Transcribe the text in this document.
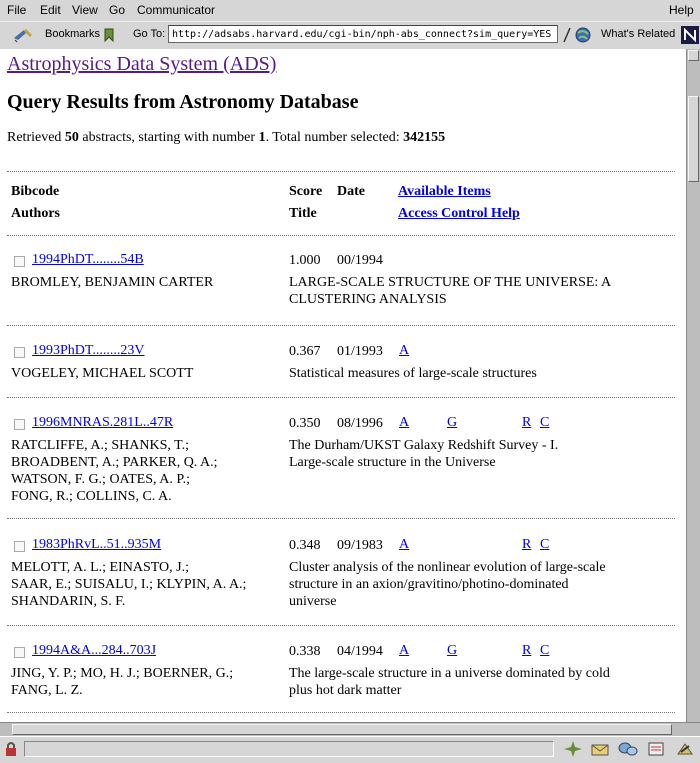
File Edit View Go Communicator	Help
Bookmarks	Go To: http://adsabs.harvard.edu/cgi-bin/nph-abs_connect?sim_query=YES	What's Related
Astrophysics Data System (ADS)
Query Results from Astronomy Database
Retrieved 50 abstracts, starting with number 1. Total number selected: 342155
Bibcode	Score Date Available Items
Authors	Title	Access Control Help
1994PhDT........54B	1.000 00/1994
BROMLEY, BENJAMIN CARTER	LARGE-SCALE STRUCTURE OF THE UNIVERSE: A
CLUSTERING ANALYSIS
1993PhDT........23V	0.367 01/1993 A
VOGELEY, MICHAEL SCOTT	Statistical measures of large-scale structures
1996MNRAS.281L..47R	0.350 08/1996 A	G	R C
RATCLIFFE, A.; SHANKS, T.;
BROADBENT, A.; PARKER, Q. A.;
WATSON, F. G.; OATES, A. P.;
FONG, R.; COLLINS, C. A.
The Durham/UKST Galaxy Redshift Survey - I.
Large-scale structure in the Universe
1983PhRvL..51..935M	0.348 09/1983 A	R C
MELOTT, A. L.; EINASTO, J.;
SAAR, E.; SUISALU, I.; KLYPIN, A. A.;
SHANDARIN, S. F.
Cluster analysis of the nonlinear evolution of large-scale
structure in an axion/gravitino/photino-dominated
universe
1994A&A...284..703J	0.338 04/1994 A	G	R C
JING, Y. P.; MO, H. J.; BOERNER, G.;
FANG, L. Z.
The large-scale structure in a universe dominated by cold
plus hot dark matter
